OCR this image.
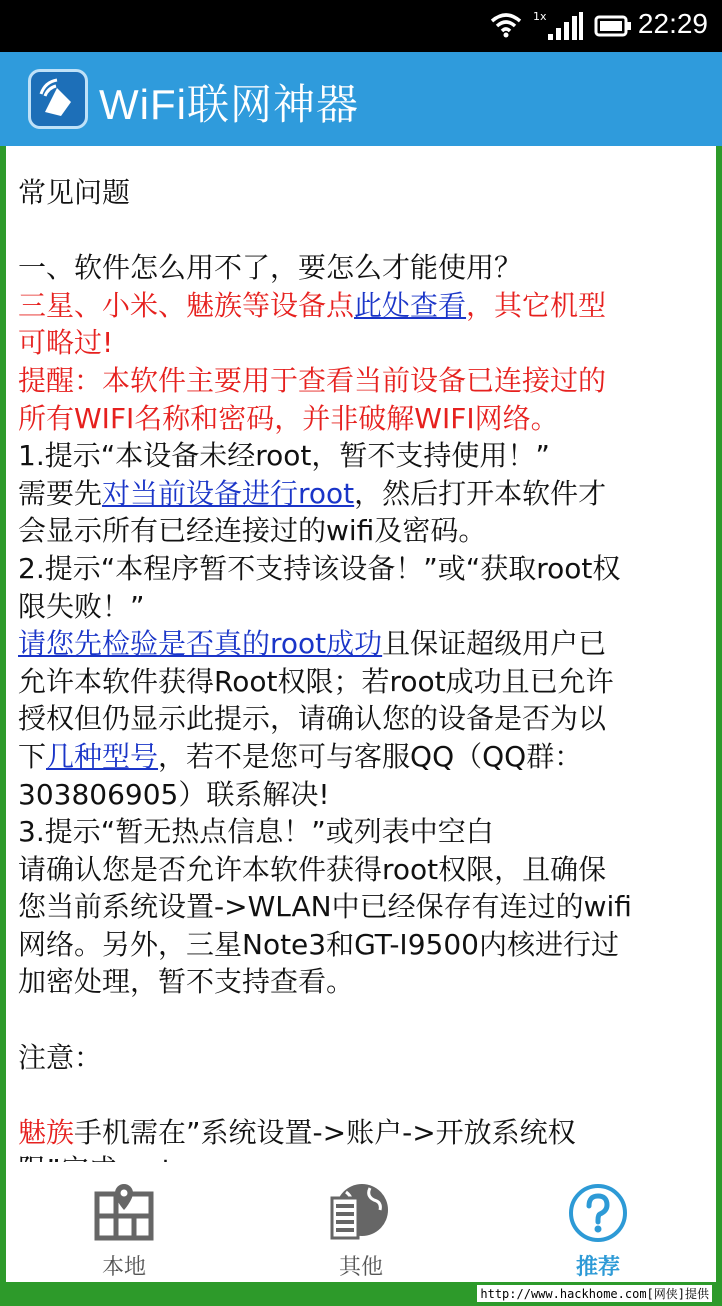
1x	22:29
WiFi联网神器
常见问题
一、软件怎么用不了，要怎么才能使用？
三星、小米、魅族等设备点此处查看，其它机型
可略过!
提醒：本软件主要用于查看当前设备已连接过的
所有WIFI名称和密码，并非破解WIFI网络。
1.提示“本设备未经root，暂不支持使用！”
需要先对当前设备进行root，然后打开本软件才
会显示所有已经连接过的wifi及密码。
2.提示“本程序暂不支持该设备！”或“获取root权
限失败！”
请您先检验是否真的root成功且保证超级用户已
允许本软件获得Root权限；若root成功且已允许
授权但仍显示此提示，请确认您的设备是否为以
下几种型号，若不是您可与客服QQ（QQ群：
303806905）联系解决!
3.提示“暂无热点信息！”或列表中空白
请确认您是否允许本软件获得root权限，且确保
您当前系统设置->WLAN中已经保存有连过的wifi
网络。另外，三星Note3和GT-I9500内核进行过
加密处理，暂不支持查看。
注意：
魅族手机需在”系统设置->账户->开放系统权
本地	其他	推荐
http://www.hackhome.com[网侠]提供
